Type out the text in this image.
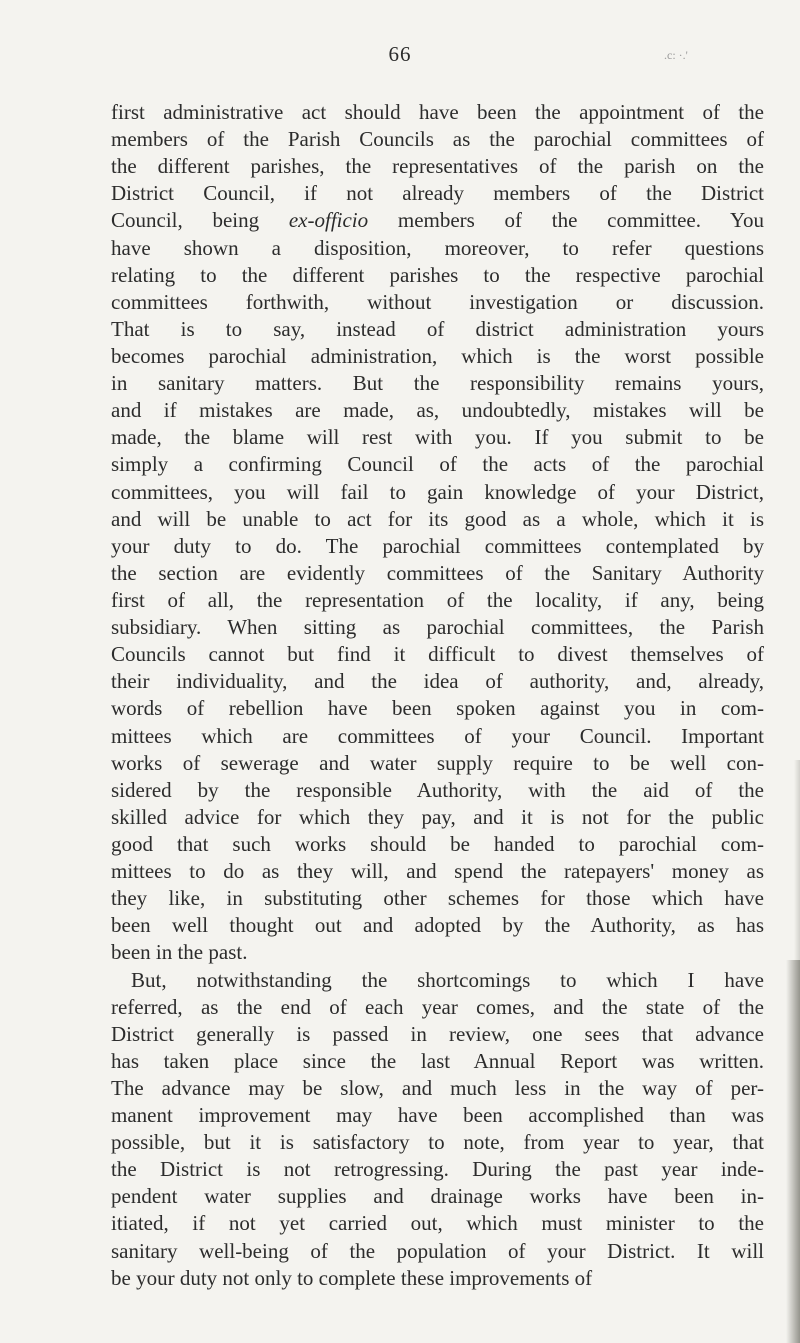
66	.c: ·.'
first administrative act should have been the appointment of the
members of the Parish Councils as the parochial committees of
the different parishes, the representatives of the parish on the
District Council, if not already members of the District
Council, being ex-officio members of the committee. You
have shown a disposition, moreover, to refer questions
relating to the different parishes to the respective parochial
committees forthwith, without investigation or discussion.
That is to say, instead of district administration yours
becomes parochial administration, which is the worst possible
in sanitary matters. But the responsibility remains yours,
and if mistakes are made, as, undoubtedly, mistakes will be
made, the blame will rest with you. If you submit to be
simply a confirming Council of the acts of the parochial
committees, you will fail to gain knowledge of your District,
and will be unable to act for its good as a whole, which it is
your duty to do. The parochial committees contemplated by
the section are evidently committees of the Sanitary Authority
first of all, the representation of the locality, if any, being
subsidiary. When sitting as parochial committees, the Parish
Councils cannot but find it difficult to divest themselves of
their individuality, and the idea of authority, and, already,
words of rebellion have been spoken against you in com-
mittees which are committees of your Council. Important
works of sewerage and water supply require to be well con-
sidered by the responsible Authority, with the aid of the
skilled advice for which they pay, and it is not for the public
good that such works should be handed to parochial com-
mittees to do as they will, and spend the ratepayers' money as
they like, in substituting other schemes for those which have
been well thought out and adopted by the Authority, as has
been in the past.
But, notwithstanding the shortcomings to which I have
referred, as the end of each year comes, and the state of the
District generally is passed in review, one sees that advance
has taken place since the last Annual Report was written.
The advance may be slow, and much less in the way of per-
manent improvement may have been accomplished than was
possible, but it is satisfactory to note, from year to year, that
the District is not retrogressing. During the past year inde-
pendent water supplies and drainage works have been in-
itiated, if not yet carried out, which must minister to the
sanitary well-being of the population of your District. It will
be your duty not only to complete these improvements of
